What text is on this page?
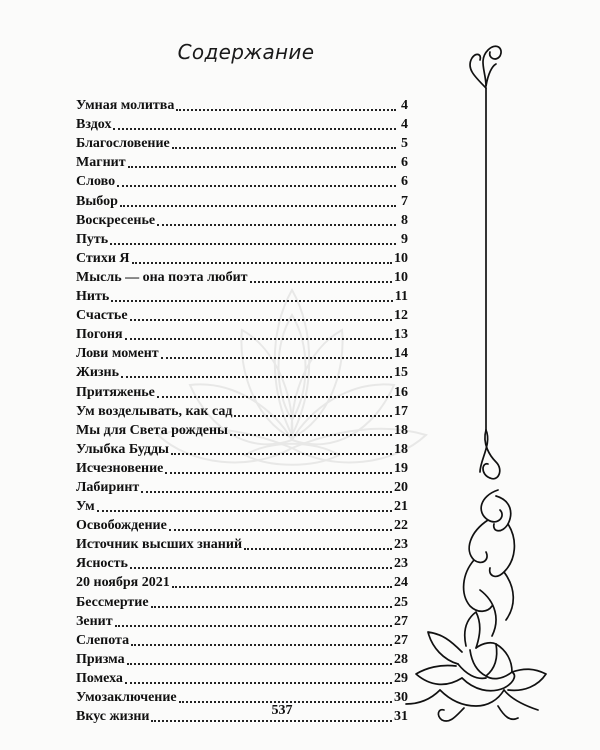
Содержание
Умная молитва	4
Вздох	4
Благословение	5
Магнит	6
Слово	6
Выбор	7
Воскресенье	8
Путь	9
Стихи Я	10
Мысль — она поэта любит	10
Нить	11
Счастье	12
Погоня	13
Лови момент	14
Жизнь	15
Притяженье	16
Ум возделывать, как сад	17
Мы для Света рождены	18
Улыбка Будды	18
Исчезновение	19
Лабиринт	20
Ум	21
Освобождение	22
Источник высших знаний	23
Ясность	23
20 ноября 2021	24
Бессмертие	25
Зенит	27
Слепота	27
Призма	28
Помеха	29
Умозаключение	30
Вкус жизни	31
537
